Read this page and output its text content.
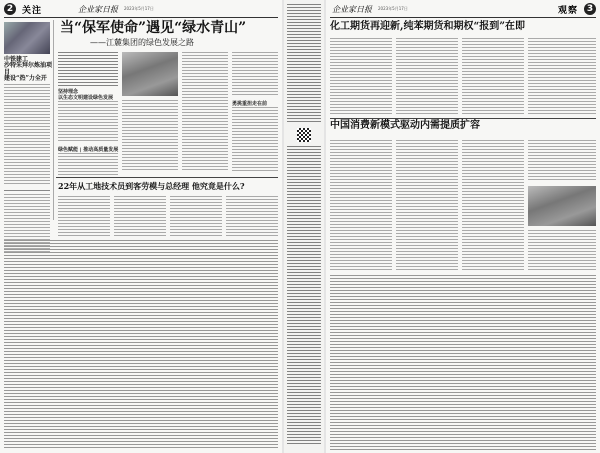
2 关注	企业家日报 2023年5月17日
中铁建工
沙特朱拜尔炼油项目
建设“热”力全开
当“保军使命”遇见“绿水青山”
——江麓集团的绿色发展之路
坚持理念
以生态文明建设绿色发展
绿色赋能 | 推动高质量发展
勇挑重担走在前
22年从工地技术员到客劳模与总经理 他究竟是什么?
企业家日报 2023年5月17日	观察 3
化工期货再迎新,纯苯期货和期权“报到”在即
中国消费新模式驱动内需提质扩容
